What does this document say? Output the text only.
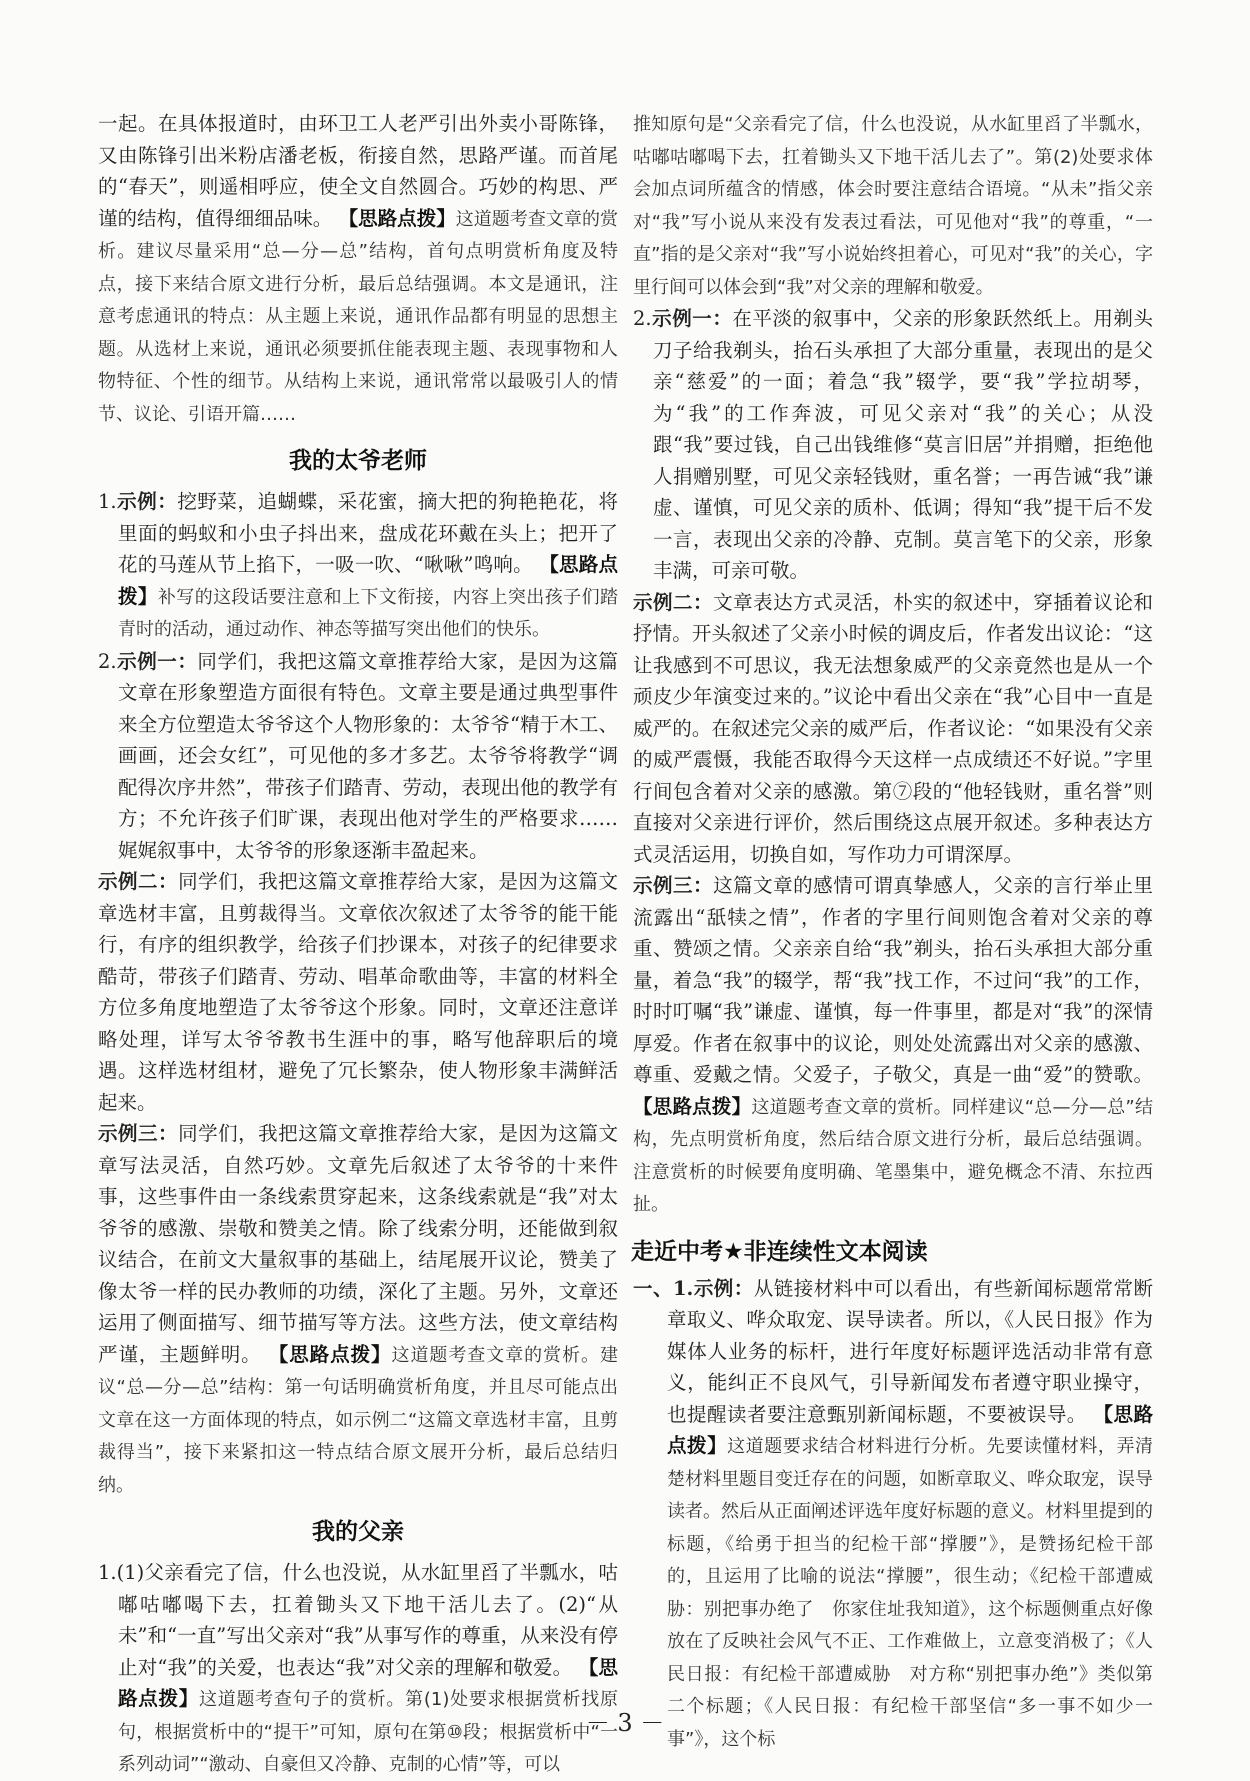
一起。在具体报道时，由环卫工人老严引出外卖小哥陈锋，又由陈锋引出米粉店潘老板，衔接自然，思路严谨。而首尾的“春天”，则遥相呼应，使全文自然圆合。巧妙的构思、严谨的结构，值得细细品味。 【思路点拨】这道题考查文章的赏析。建议尽量采用“总—分—总”结构，首句点明赏析角度及特点，接下来结合原文进行分析，最后总结强调。本文是通讯，注意考虑通讯的特点：从主题上来说，通讯作品都有明显的思想主题。从选材上来说，通讯必须要抓住能表现主题、表现事物和人物特征、个性的细节。从结构上来说，通讯常常以最吸引人的情节、议论、引语开篇……

我的太爷老师

1.示例：挖野菜，追蝴蝶，采花蜜，摘大把的狗艳艳花，将里面的蚂蚁和小虫子抖出来，盘成花环戴在头上；把开了花的马莲从节上掐下，一吸一吹、“啾啾”鸣响。 【思路点拨】补写的这段话要注意和上下文衔接，内容上突出孩子们踏青时的活动，通过动作、神态等描写突出他们的快乐。

2.示例一：同学们，我把这篇文章推荐给大家，是因为这篇文章在形象塑造方面很有特色。文章主要是通过典型事件来全方位塑造太爷爷这个人物形象的：太爷爷“精于木工、画画，还会女红”，可见他的多才多艺。太爷爷将教学“调配得次序井然”，带孩子们踏青、劳动，表现出他的教学有方；不允许孩子们旷课，表现出他对学生的严格要求……娓娓叙事中，太爷爷的形象逐渐丰盈起来。

示例二：同学们，我把这篇文章推荐给大家，是因为这篇文章选材丰富，且剪裁得当。文章依次叙述了太爷爷的能干能行，有序的组织教学，给孩子们抄课本，对孩子的纪律要求酷苛，带孩子们踏青、劳动、唱革命歌曲等，丰富的材料全方位多角度地塑造了太爷爷这个形象。同时，文章还注意详略处理，详写太爷爷教书生涯中的事，略写他辞职后的境遇。这样选材组材，避免了冗长繁杂，使人物形象丰满鲜活起来。

示例三：同学们，我把这篇文章推荐给大家，是因为这篇文章写法灵活，自然巧妙。文章先后叙述了太爷爷的十来件事，这些事件由一条线索贯穿起来，这条线索就是“我”对太爷爷的感激、崇敬和赞美之情。除了线索分明，还能做到叙议结合，在前文大量叙事的基础上，结尾展开议论，赞美了像太爷一样的民办教师的功绩，深化了主题。另外，文章还运用了侧面描写、细节描写等方法。这些方法，使文章结构严谨，主题鲜明。 【思路点拨】这道题考查文章的赏析。建议“总—分—总”结构：第一句话明确赏析角度，并且尽可能点出文章在这一方面体现的特点，如示例二“这篇文章选材丰富，且剪裁得当”，接下来紧扣这一特点结合原文展开分析，最后总结归纳。

我的父亲

1.(1)父亲看完了信，什么也没说，从水缸里舀了半瓢水，咕嘟咕嘟喝下去，扛着锄头又下地干活儿去了。(2)“从未”和“一直”写出父亲对“我”从事写作的尊重，从来没有停止对“我”的关爱，也表达“我”对父亲的理解和敬爱。 【思路点拨】这道题考查句子的赏析。第(1)处要求根据赏析找原句，根据赏析中的“提干”可知，原句在第⑩段；根据赏析中“一系列动词”“激动、自豪但又冷静、克制的心情”等，可以

推知原句是“父亲看完了信，什么也没说，从水缸里舀了半瓢水，咕嘟咕嘟喝下去，扛着锄头又下地干活儿去了”。第(2)处要求体会加点词所蕴含的情感，体会时要注意结合语境。“从未”指父亲对“我”写小说从来没有发表过看法，可见他对“我”的尊重，“一直”指的是父亲对“我”写小说始终担着心，可见对“我”的关心，字里行间可以体会到“我”对父亲的理解和敬爱。

2.示例一：在平淡的叙事中，父亲的形象跃然纸上。用剃头刀子给我剃头，抬石头承担了大部分重量，表现出的是父亲“慈爱”的一面；着急“我”辍学，要“我”学拉胡琴，为“我”的工作奔波，可见父亲对“我”的关心；从没跟“我”要过钱，自己出钱维修“莫言旧居”并捐赠，拒绝他人捐赠别墅，可见父亲轻钱财，重名誉；一再告诫“我”谦虚、谨慎，可见父亲的质朴、低调；得知“我”提干后不发一言，表现出父亲的冷静、克制。莫言笔下的父亲，形象丰满，可亲可敬。

示例二：文章表达方式灵活，朴实的叙述中，穿插着议论和抒情。开头叙述了父亲小时候的调皮后，作者发出议论：“这让我感到不可思议，我无法想象威严的父亲竟然也是从一个顽皮少年演变过来的。”议论中看出父亲在“我”心目中一直是威严的。在叙述完父亲的威严后，作者议论：“如果没有父亲的威严震慑，我能否取得今天这样一点成绩还不好说。”字里行间包含着对父亲的感激。第⑦段的“他轻钱财，重名誉”则直接对父亲进行评价，然后围绕这点展开叙述。多种表达方式灵活运用，切换自如，写作功力可谓深厚。

示例三：这篇文章的感情可谓真挚感人，父亲的言行举止里流露出“舐犊之情”，作者的字里行间则饱含着对父亲的尊重、赞颂之情。父亲亲自给“我”剃头，抬石头承担大部分重量，着急“我”的辍学，帮“我”找工作，不过问“我”的工作，时时叮嘱“我”谦虚、谨慎，每一件事里，都是对“我”的深情厚爱。作者在叙事中的议论，则处处流露出对父亲的感激、尊重、爱戴之情。父爱子，子敬父，真是一曲“爱”的赞歌。 【思路点拨】这道题考查文章的赏析。同样建议“总—分—总”结构，先点明赏析角度，然后结合原文进行分析，最后总结强调。注意赏析的时候要角度明确、笔墨集中，避免概念不清、东拉西扯。

走近中考★非连续性文本阅读

一、1.示例：从链接材料中可以看出，有些新闻标题常常断章取义、哗众取宠、误导读者。所以，《人民日报》作为媒体人业务的标杆，进行年度好标题评选活动非常有意义，能纠正不良风气，引导新闻发布者遵守职业操守，也提醒读者要注意甄别新闻标题，不要被误导。 【思路点拨】这道题要求结合材料进行分析。先要读懂材料，弄清楚材料里题目变迁存在的问题，如断章取义、哗众取宠，误导读者。然后从正面阐述评选年度好标题的意义。材料里提到的标题，《给勇于担当的纪检干部“撑腰”》，是赞扬纪检干部的，且运用了比喻的说法“撑腰”，很生动；《纪检干部遭威胁：别把事办绝了　你家住址我知道》，这个标题侧重点好像放在了反映社会风气不正、工作难做上，立意变消极了；《人民日报：有纪检干部遭威胁　对方称“别把事办绝”》类似第二个标题；《人民日报：有纪检干部坚信“多一事不如少一事”》，这个标

－ 3 －
